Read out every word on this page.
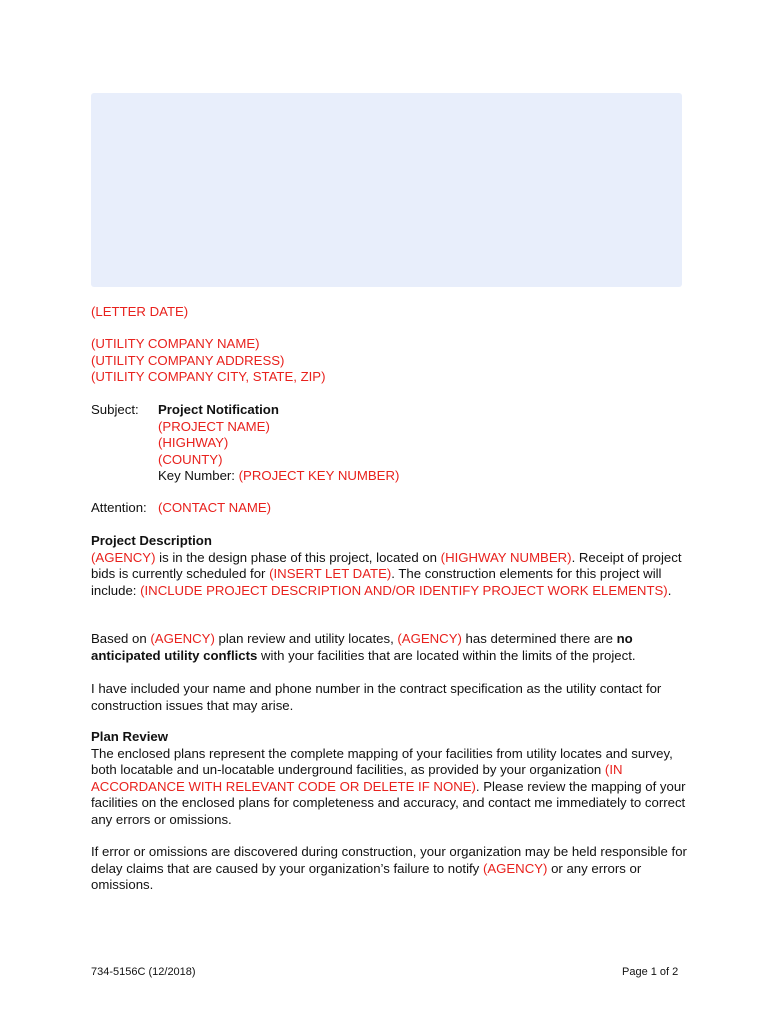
(LETTER DATE)
(UTILITY COMPANY NAME)
(UTILITY COMPANY ADDRESS)
(UTILITY COMPANY CITY, STATE, ZIP)
Subject:	Project Notification
(PROJECT NAME)
(HIGHWAY)
(COUNTY)
Key Number: (PROJECT KEY NUMBER)
Attention: (CONTACT NAME)
Project Description

(AGENCY) is in the design phase of this project, located on (HIGHWAY NUMBER). Receipt of project bids is currently scheduled for (INSERT LET DATE). The construction elements for this project will include: (INCLUDE PROJECT DESCRIPTION AND/OR IDENTIFY PROJECT WORK ELEMENTS).

Based on (AGENCY) plan review and utility locates, (AGENCY) has determined there are no anticipated utility conflicts with your facilities that are located within the limits of the project.

I have included your name and phone number in the contract specification as the utility contact for construction issues that may arise.
Plan Review

The enclosed plans represent the complete mapping of your facilities from utility locates and survey, both locatable and un-locatable underground facilities, as provided by your organization (IN ACCORDANCE WITH RELEVANT CODE OR DELETE IF NONE). Please review the mapping of your facilities on the enclosed plans for completeness and accuracy, and contact me immediately to correct any errors or omissions.

If error or omissions are discovered during construction, your organization may be held responsible for delay claims that are caused by your organization’s failure to notify (AGENCY) or any errors or omissions.

734-5156C (12/2018)	Page 1 of 2
